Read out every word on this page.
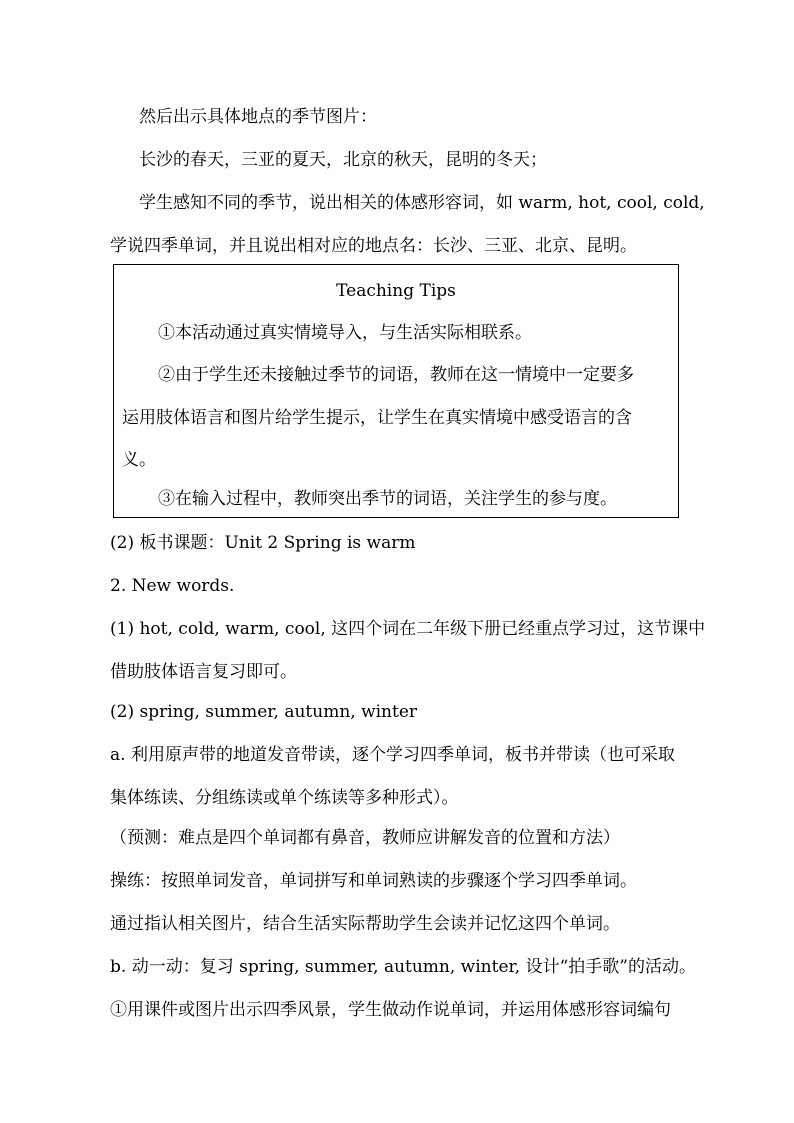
然后出示具体地点的季节图片：
长沙的春天，三亚的夏天，北京的秋天，昆明的冬天；
学生感知不同的季节，说出相关的体感形容词，如 warm, hot, cool, cold,
学说四季单词，并且说出相对应的地点名：长沙、三亚、北京、昆明。
Teaching Tips
①本活动通过真实情境导入，与生活实际相联系。
②由于学生还未接触过季节的词语，教师在这一情境中一定要多
运用肢体语言和图片给学生提示，让学生在真实情境中感受语言的含
义。
③在输入过程中，教师突出季节的词语，关注学生的参与度。
(2) 板书课题：Unit 2 Spring is warm
2. New words.
(1) hot, cold, warm, cool, 这四个词在二年级下册已经重点学习过，这节课中
借助肢体语言复习即可。
(2) spring, summer, autumn, winter
a. 利用原声带的地道发音带读，逐个学习四季单词，板书并带读（也可采取
集体练读、分组练读或单个练读等多种形式）。
（预测：难点是四个单词都有鼻音，教师应讲解发音的位置和方法）
操练：按照单词发音，单词拼写和单词熟读的步骤逐个学习四季单词。
通过指认相关图片，结合生活实际帮助学生会读并记忆这四个单词。
b. 动一动：复习 spring, summer, autumn, winter, 设计“拍手歌”的活动。
①用课件或图片出示四季风景，学生做动作说单词，并运用体感形容词编句
